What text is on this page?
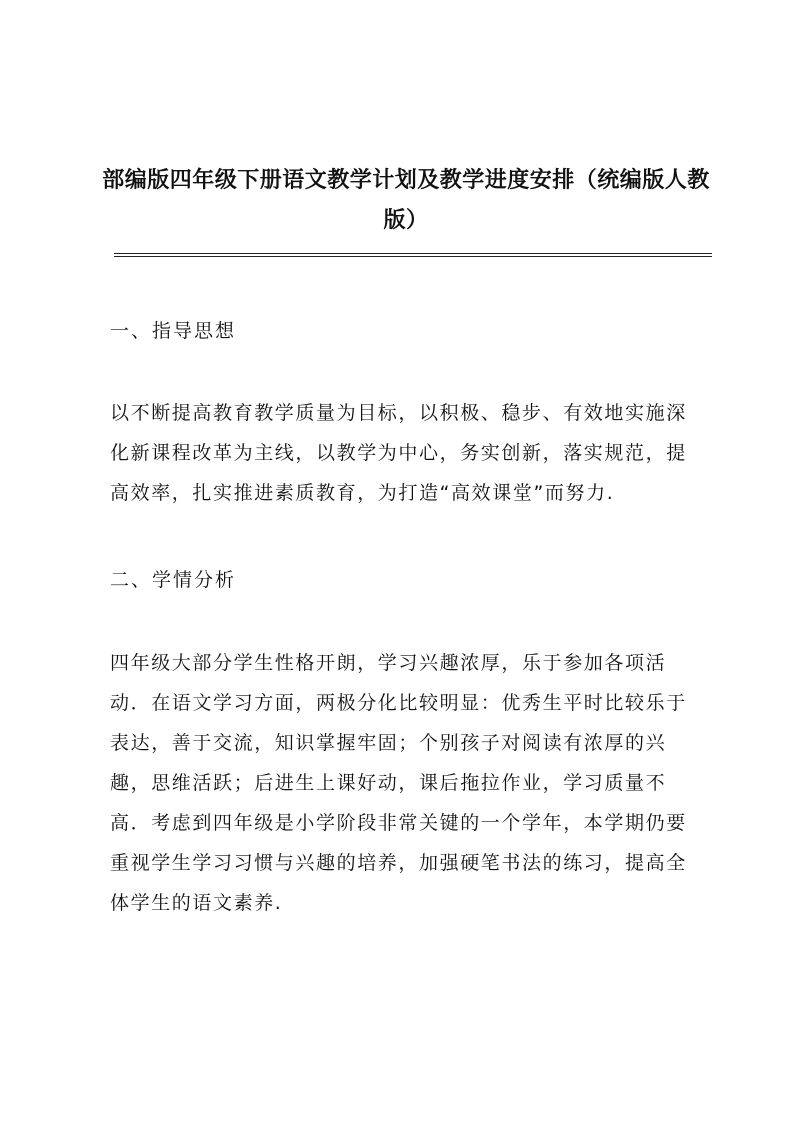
部编版四年级下册语文教学计划及教学进度安排（统编版人教版）
一、指导思想
以不断提高教育教学质量为目标，以积极、稳步、有效地实施深
化新课程改革为主线，以教学为中心，务实创新，落实规范，提
高效率，扎实推进素质教育，为打造“高效课堂”而努力.
二、学情分析
四年级大部分学生性格开朗，学习兴趣浓厚，乐于参加各项活
动．在语文学习方面，两极分化比较明显：优秀生平时比较乐于
表达，善于交流，知识掌握牢固；个别孩子对阅读有浓厚的兴
趣，思维活跃；后进生上课好动，课后拖拉作业，学习质量不
高．考虑到四年级是小学阶段非常关键的一个学年，本学期仍要
重视学生学习习惯与兴趣的培养，加强硬笔书法的练习，提高全
体学生的语文素养.
